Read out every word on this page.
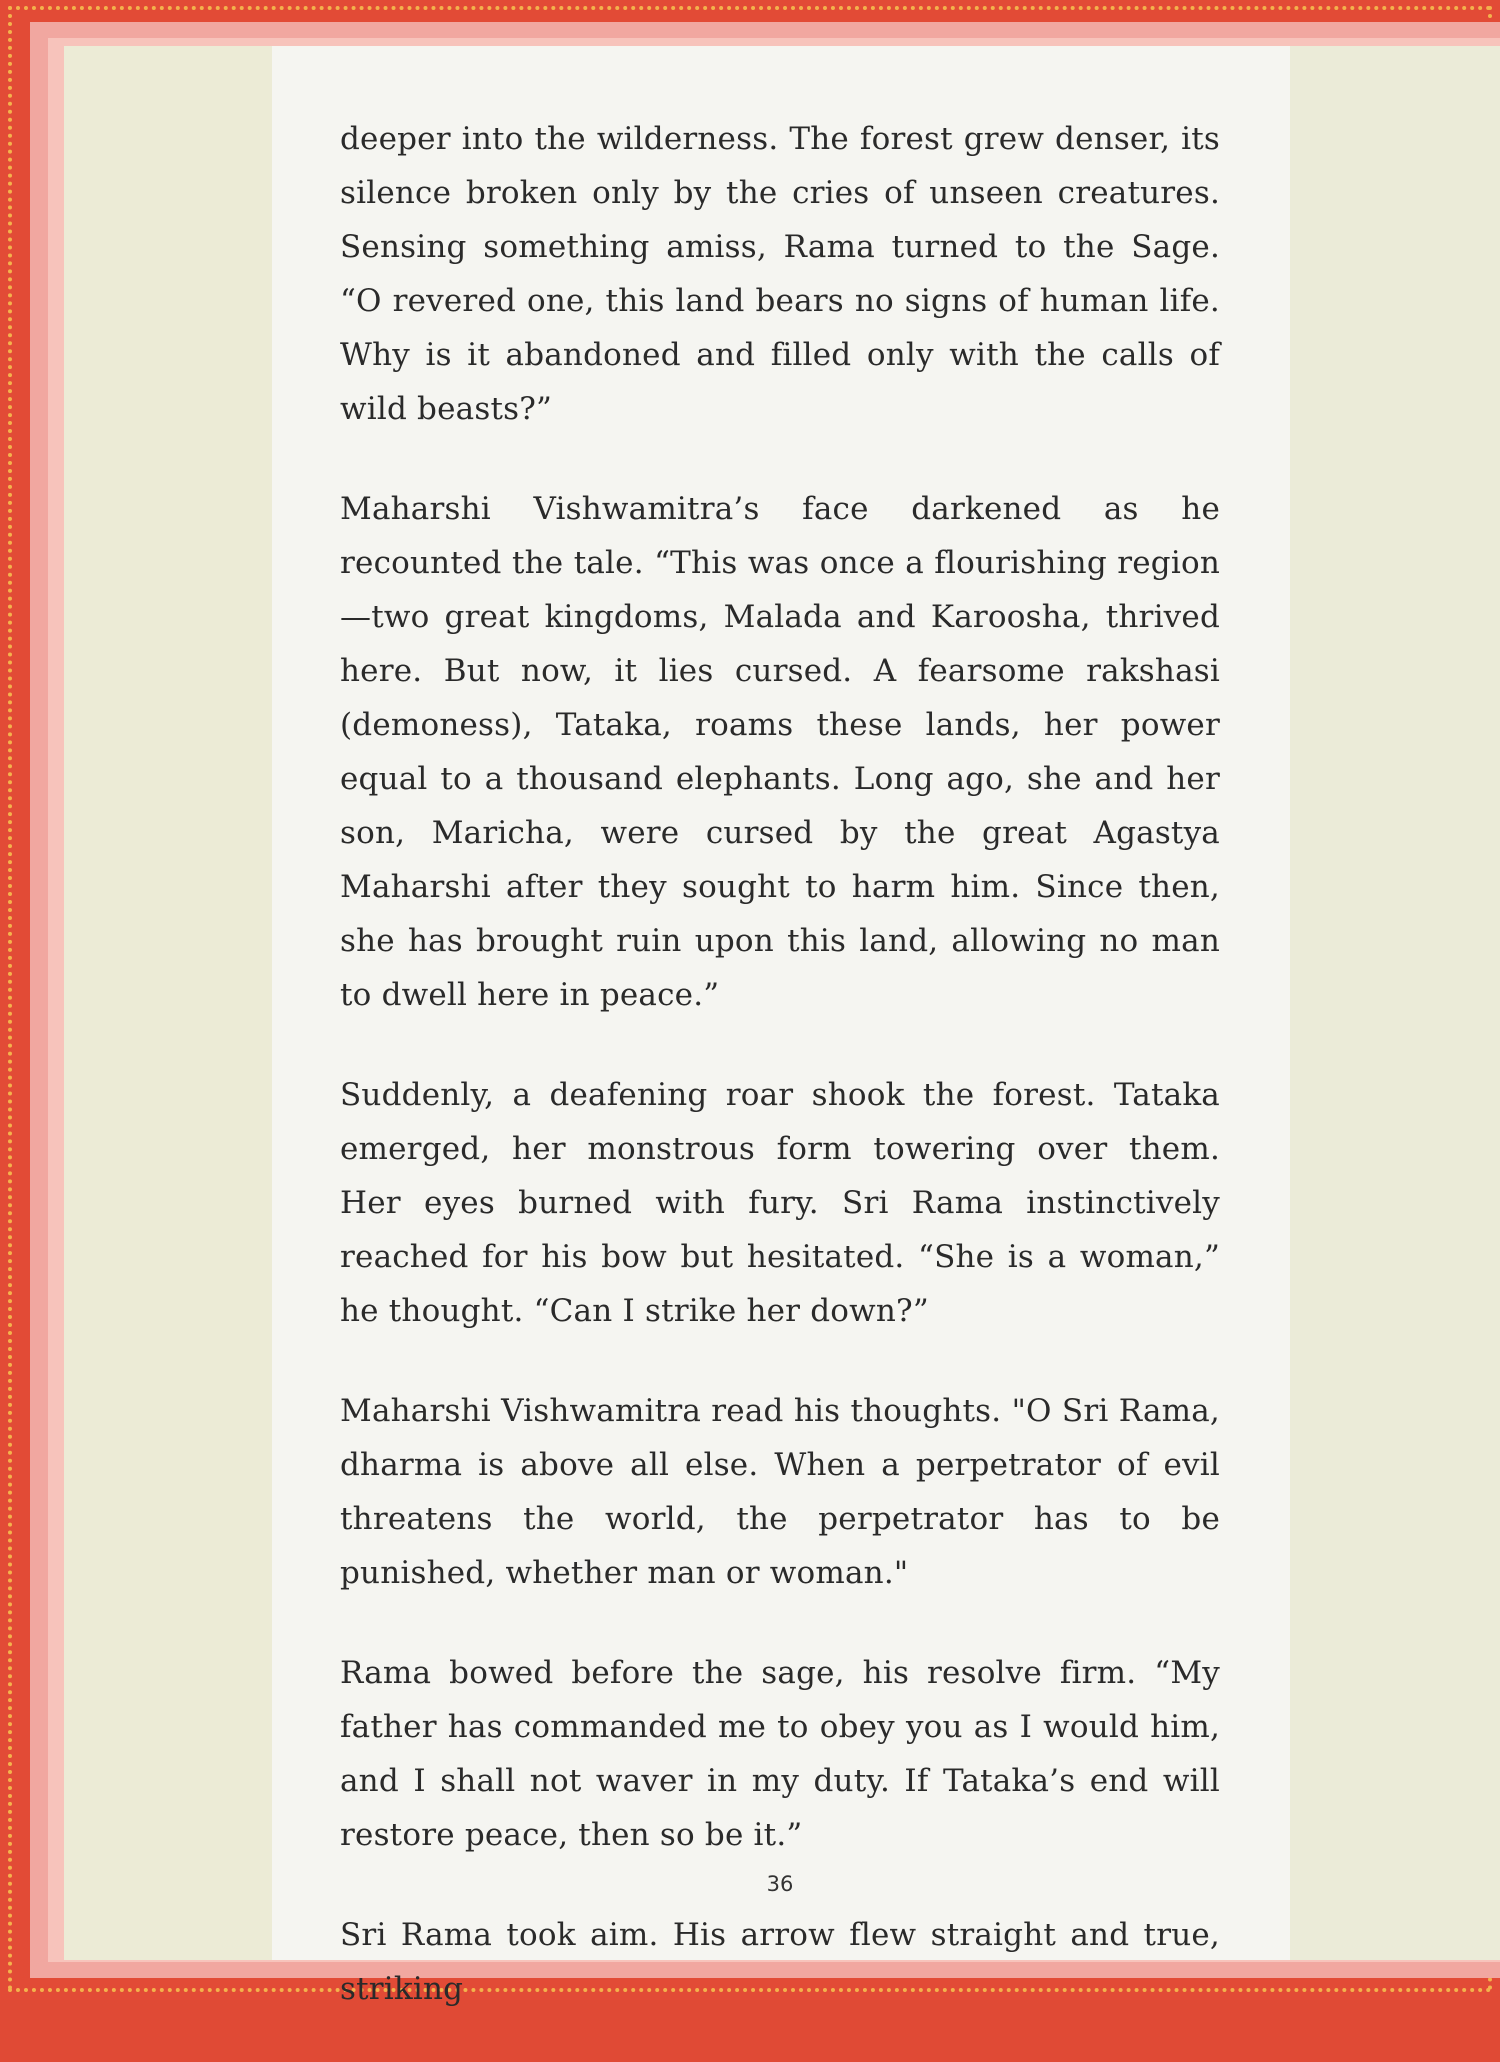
deeper into the wilderness. The forest grew denser, its silence broken only by the cries of unseen creatures. Sensing something amiss, Rama turned to the Sage. “O revered one, this land bears no signs of human life. Why is it abandoned and filled only with the calls of wild beasts?”

Maharshi Vishwamitra’s face darkened as he recounted the tale. “This was once a flourishing region—two great kingdoms, Malada and Karoosha, thrived here. But now, it lies cursed. A fearsome rakshasi (demoness), Tataka, roams these lands, her power equal to a thousand elephants. Long ago, she and her son, Maricha, were cursed by the great Agastya Maharshi after they sought to harm him. Since then, she has brought ruin upon this land, allowing no man to dwell here in peace.”

Suddenly, a deafening roar shook the forest. Tataka emerged, her monstrous form towering over them. Her eyes burned with fury. Sri Rama instinctively reached for his bow but hesitated. “She is a woman,” he thought. “Can I strike her down?”

Maharshi Vishwamitra read his thoughts. "O Sri Rama, dharma is above all else. When a perpetrator of evil threatens the world, the perpetrator has to be punished, whether man or woman."

Rama bowed before the sage, his resolve firm. “My father has commanded me to obey you as I would him, and I shall not waver in my duty. If Tataka’s end will restore peace, then so be it.”

Sri Rama took aim. His arrow flew straight and true, striking

36
